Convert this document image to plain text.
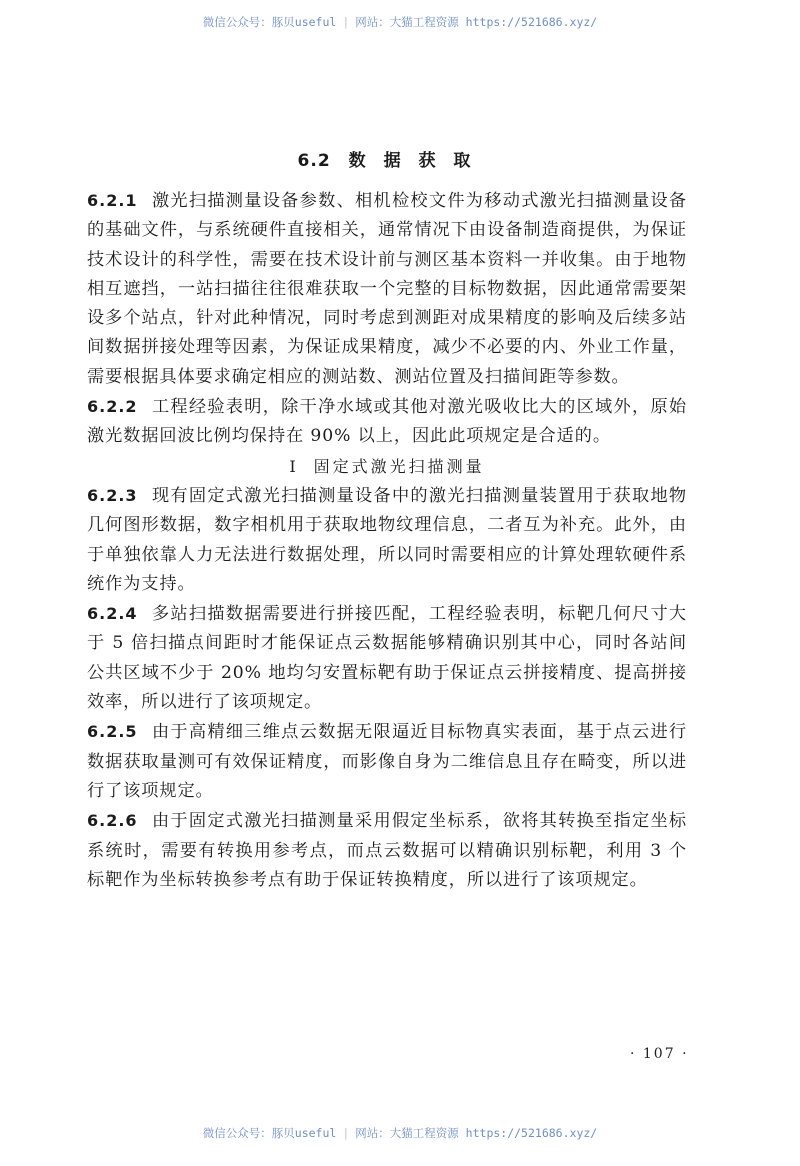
微信公众号：豚贝useful | 网站：大猫工程资源 https://521686.xyz/
6.2 数 据 获 取

6.2.1 激光扫描测量设备参数、相机检校文件为移动式激光扫描测量设备的基础文件，与系统硬件直接相关，通常情况下由设备制造商提供，为保证技术设计的科学性，需要在技术设计前与测区基本资料一并收集。由于地物相互遮挡，一站扫描往往很难获取一个完整的目标物数据，因此通常需要架设多个站点，针对此种情况，同时考虑到测距对成果精度的影响及后续多站间数据拼接处理等因素，为保证成果精度，减少不必要的内、外业工作量，需要根据具体要求确定相应的测站数、测站位置及扫描间距等参数。

6.2.2 工程经验表明，除干净水域或其他对激光吸收比大的区域外，原始激光数据回波比例均保持在 90% 以上，因此此项规定是合适的。

Ⅰ 固定式激光扫描测量

6.2.3 现有固定式激光扫描测量设备中的激光扫描测量装置用于获取地物几何图形数据，数字相机用于获取地物纹理信息，二者互为补充。此外，由于单独依靠人力无法进行数据处理，所以同时需要相应的计算处理软硬件系统作为支持。

6.2.4 多站扫描数据需要进行拼接匹配，工程经验表明，标靶几何尺寸大于 5 倍扫描点间距时才能保证点云数据能够精确识别其中心，同时各站间公共区域不少于 20% 地均匀安置标靶有助于保证点云拼接精度、提高拼接效率，所以进行了该项规定。

6.2.5 由于高精细三维点云数据无限逼近目标物真实表面，基于点云进行数据获取量测可有效保证精度，而影像自身为二维信息且存在畸变，所以进行了该项规定。

6.2.6 由于固定式激光扫描测量采用假定坐标系，欲将其转换至指定坐标系统时，需要有转换用参考点，而点云数据可以精确识别标靶，利用 3 个标靶作为坐标转换参考点有助于保证转换精度，所以进行了该项规定。

· 107 ·
微信公众号：豚贝useful | 网站：大猫工程资源 https://521686.xyz/
